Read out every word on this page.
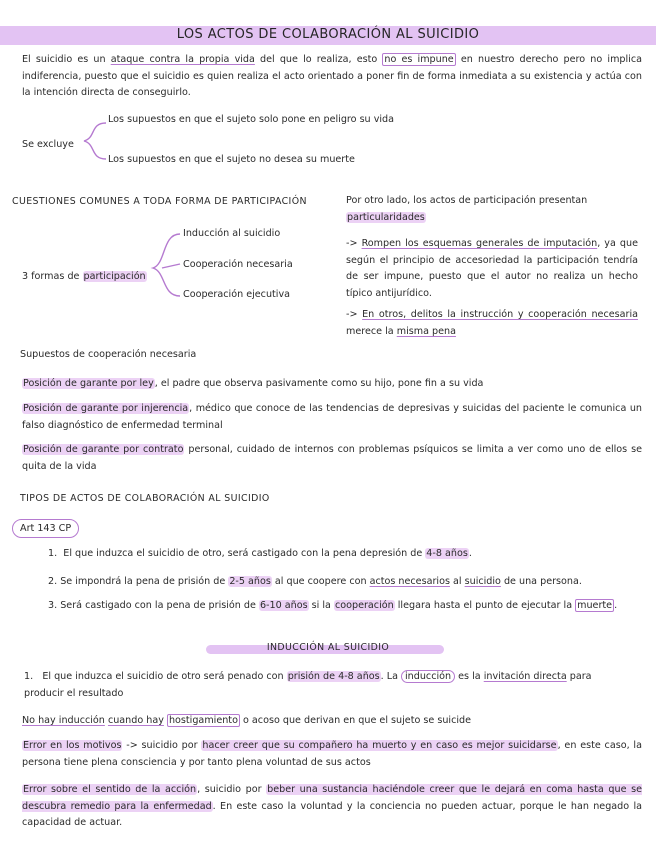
LOS ACTOS DE COLABORACIÓN AL SUICIDIO
El suicidio es un ataque contra la propia vida del que lo realiza, esto no es impune en nuestro derecho pero no implica indiferencia, puesto que el suicidio es quien realiza el acto orientado a poner fin de forma inmediata a su existencia y actúa con la intención directa de conseguirlo.
Se excluye
Los supuestos en que el sujeto solo pone en peligro su vida
Los supuestos en que el sujeto no desea su muerte
CUESTIONES COMUNES A TODA FORMA DE PARTICIPACIÓN
3 formas de participación
Inducción al suicidio
Cooperación necesaria
Cooperación ejecutiva
Por otro lado, los actos de participación presentan
particularidades
-> Rompen los esquemas generales de imputación, ya que según el principio de accesoriedad la participación tendría de ser impune, puesto que el autor no realiza un hecho típico antijurídico.
-> En otros, delitos la instrucción y cooperación necesaria merece la misma pena
Supuestos de cooperación necesaria
Posición de garante por ley, el padre que observa pasivamente como su hijo, pone fin a su vida
Posición de garante por injerencia, médico que conoce de las tendencias de depresivas y suicidas del paciente le comunica un falso diagnóstico de enfermedad terminal
Posición de garante por contrato personal, cuidado de internos con problemas psíquicos se limita a ver como uno de ellos se quita de la vida
TIPOS DE ACTOS DE COLABORACIÓN AL SUICIDIO
Art 143 CP
1.  El que induzca el suicidio de otro, será castigado con la pena depresión de 4-8 años.
2. Se impondrá la pena de prisión de 2-5 años al que coopere con actos necesarios al suicidio de una persona.
3. Será castigado con la pena de prisión de 6-10 años si la cooperación llegara hasta el punto de ejecutar la muerte .
INDUCCIÓN AL SUICIDIO
1.   El que induzca el suicidio de otro será penado con prisión de 4-8 años. La inducción es la invitación directa para producir el resultado
No hay inducción cuando hay hostigamiento o acoso que derivan en que el sujeto se suicide
Error en los motivos -> suicidio por hacer creer que su compañero ha muerto y en caso es mejor suicidarse, en este caso, la persona tiene plena consciencia y por tanto plena voluntad de sus actos
Error sobre el sentido de la acción, suicidio por beber una sustancia haciéndole creer que le dejará en coma hasta que se descubra remedio para la enfermedad. En este caso la voluntad y la conciencia no pueden actuar, porque le han negado la capacidad de actuar.
